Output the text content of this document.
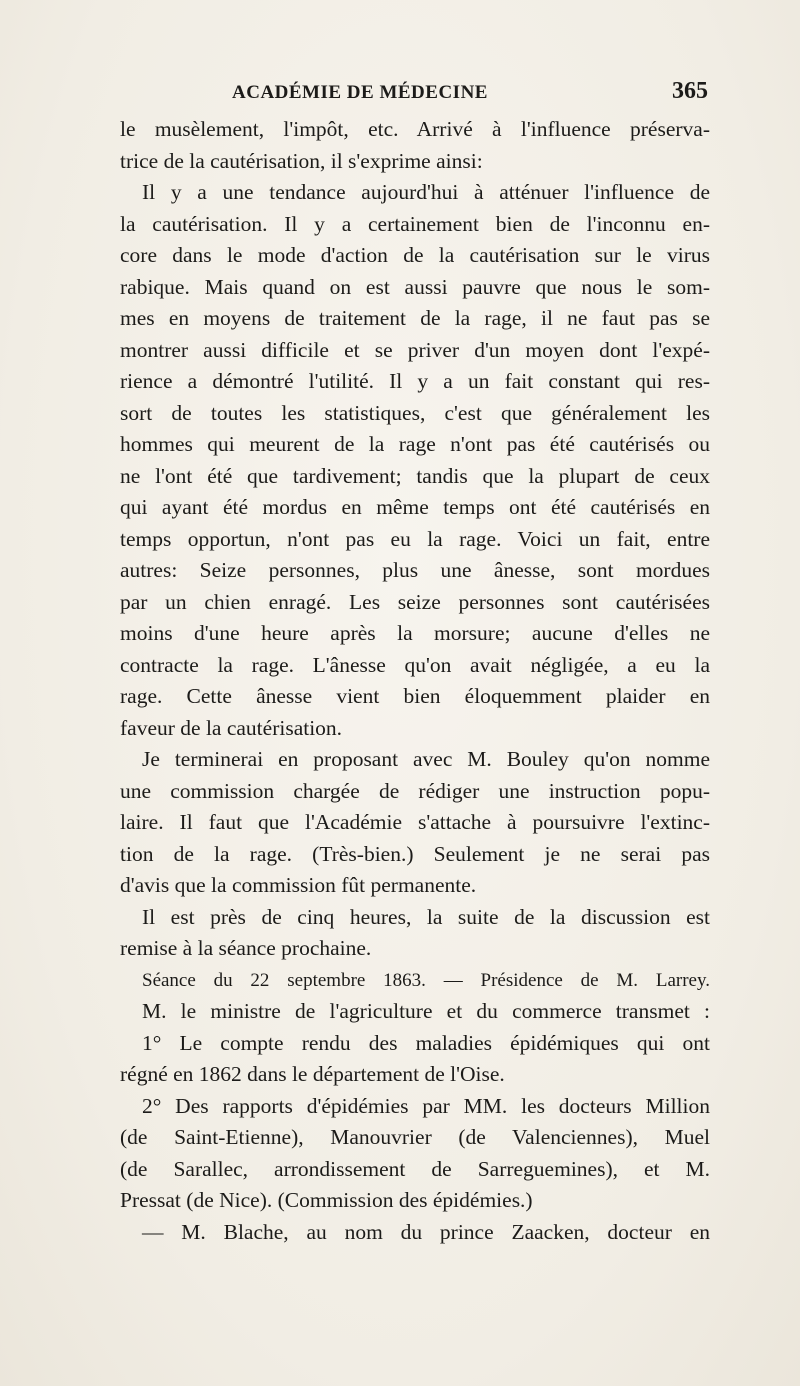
ACADÉMIE DE MÉDECINE	365
le musèlement, l'impôt, etc. Arrivé à l'influence préserva-
trice de la cautérisation, il s'exprime ainsi:
Il y a une tendance aujourd'hui à atténuer l'influence de
la cautérisation. Il y a certainement bien de l'inconnu en-
core dans le mode d'action de la cautérisation sur le virus
rabique. Mais quand on est aussi pauvre que nous le som-
mes en moyens de traitement de la rage, il ne faut pas se
montrer aussi difficile et se priver d'un moyen dont l'expé-
rience a démontré l'utilité. Il y a un fait constant qui res-
sort de toutes les statistiques, c'est que généralement les
hommes qui meurent de la rage n'ont pas été cautérisés ou
ne l'ont été que tardivement; tandis que la plupart de ceux
qui ayant été mordus en même temps ont été cautérisés en
temps opportun, n'ont pas eu la rage. Voici un fait, entre
autres: Seize personnes, plus une ânesse, sont mordues
par un chien enragé. Les seize personnes sont cautérisées
moins d'une heure après la morsure; aucune d'elles ne
contracte la rage. L'ânesse qu'on avait négligée, a eu la
rage. Cette ânesse vient bien éloquemment plaider en
faveur de la cautérisation.
Je terminerai en proposant avec M. Bouley qu'on nomme
une commission chargée de rédiger une instruction popu-
laire. Il faut que l'Académie s'attache à poursuivre l'extinc-
tion de la rage. (Très-bien.) Seulement je ne serai pas
d'avis que la commission fût permanente.
Il est près de cinq heures, la suite de la discussion est
remise à la séance prochaine.
Séance du 22 septembre 1863. — Présidence de M. Larrey.
M. le ministre de l'agriculture et du commerce transmet :
1° Le compte rendu des maladies épidémiques qui ont
régné en 1862 dans le département de l'Oise.
2° Des rapports d'épidémies par MM. les docteurs Million
(de Saint-Etienne), Manouvrier (de Valenciennes), Muel
(de Sarallec, arrondissement de Sarreguemines), et M.
Pressat (de Nice). (Commission des épidémies.)
— M. Blache, au nom du prince Zaacken, docteur en
